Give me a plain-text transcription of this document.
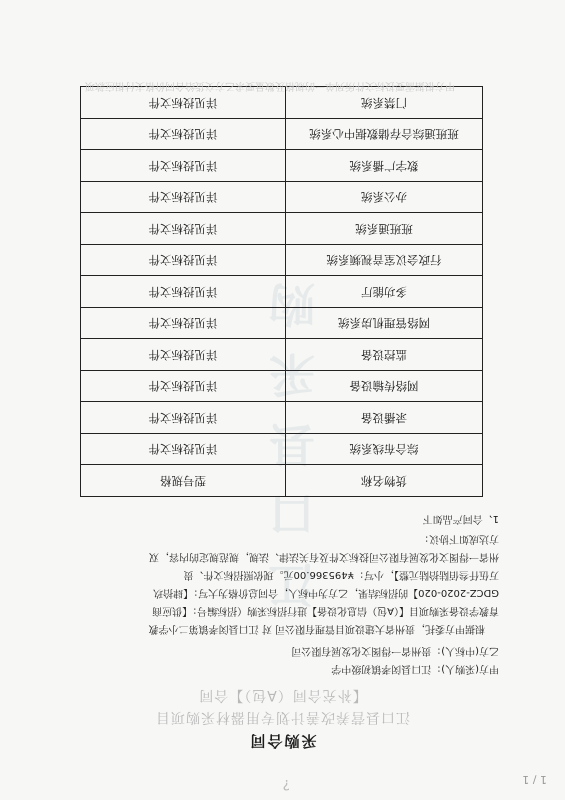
?	1 / 1
江
口
县
采
购
采购合同
江口县营养改善计划专用器材采购项目
【补充合同（A包）】合同
甲方(采购人)：江口县闵孝镇初级中学
乙方(中标人)：贵州省一得图文化发展有限公司
根据甲方委托，贵州省大建设项目管理有限公司 对 江口县闵孝镇第二小学教
育教学设备采购项目【（A包）信息化设备】进行招标采购（招标编号：【供应商
GDCZ-2020-020】的招标结果，乙方为中标人，合同总价格为大写：【肆拾玖
万伍仟叁佰陆拾陆元整】，小写：¥495366.00元。现依照招标文件、贵
州省一得图文化发展有限公司投标文件及有关法律、法规，规范规定的内容，双
方达成如下协议：
1、合同产品如下
货物名称	型号规格
综合布线系统	详见投标文件
录播设备	详见投标文件
网络传输设备	详见投标文件
监控设备	详见投标文件
网络管理机房系统	详见投标文件
多功能厅	详见投标文件
行政会议室音视频系统	详见投标文件
班班通系统	详见投标文件
办公系统	详见投标文件
数字广播系统	详见投标文件
班班通综合存储数据中心系统	详见投标文件
门禁系统	详见投标文件
甲方根据需要投标文件所列单一的规格及数量要求乙方交货给合同价格支付相应款项
